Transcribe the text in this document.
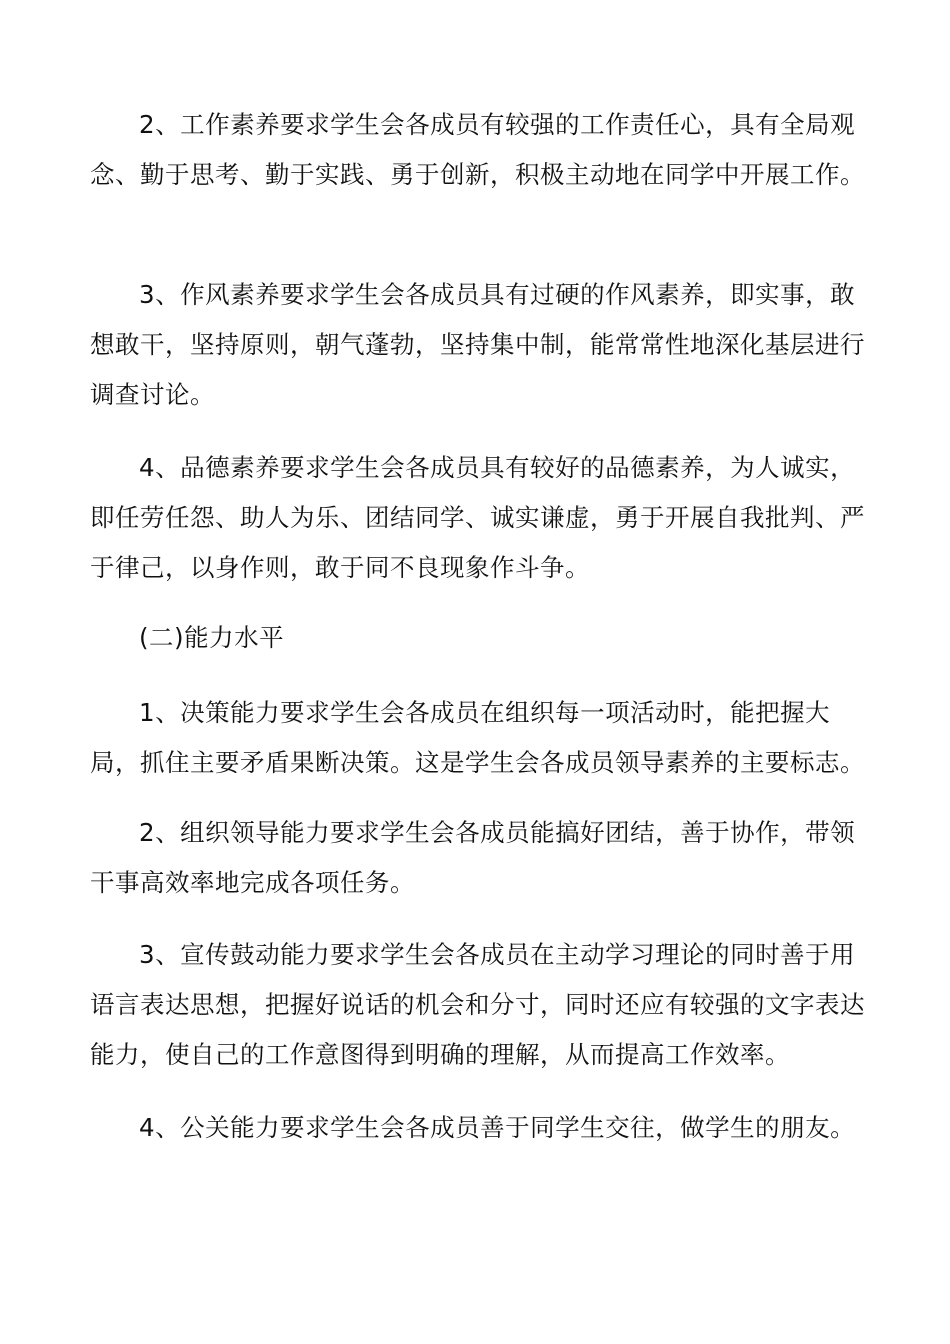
2、工作素养要求学生会各成员有较强的工作责任心，具有全局观念、勤于思考、勤于实践、勇于创新，积极主动地在同学中开展工作。

3、作风素养要求学生会各成员具有过硬的作风素养，即实事，敢想敢干，坚持原则，朝气蓬勃，坚持集中制，能常常性地深化基层进行调查讨论。

4、品德素养要求学生会各成员具有较好的品德素养，为人诚实，即任劳任怨、助人为乐、团结同学、诚实谦虚，勇于开展自我批判、严于律己，以身作则，敢于同不良现象作斗争。

(二)能力水平

1、决策能力要求学生会各成员在组织每一项活动时，能把握大局，抓住主要矛盾果断决策。这是学生会各成员领导素养的主要标志。

2、组织领导能力要求学生会各成员能搞好团结，善于协作，带领干事高效率地完成各项任务。

3、宣传鼓动能力要求学生会各成员在主动学习理论的同时善于用语言表达思想，把握好说话的机会和分寸，同时还应有较强的文字表达能力，使自己的工作意图得到明确的理解，从而提高工作效率。

4、公关能力要求学生会各成员善于同学生交往，做学生的朋友。
